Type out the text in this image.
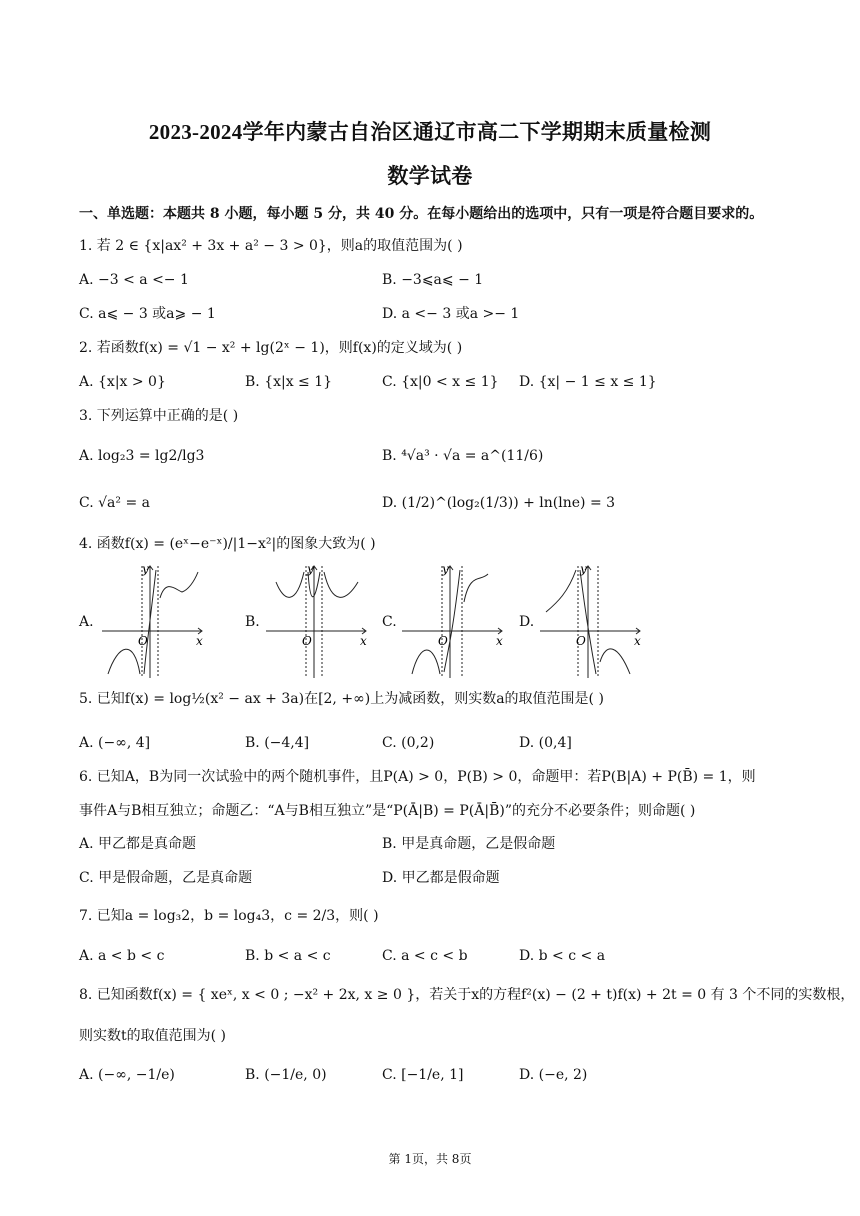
2023-2024学年内蒙古自治区通辽市高二下学期期末质量检测
数学试卷
一、单选题：本题共 8 小题，每小题 5 分，共 40 分。在每小题给出的选项中，只有一项是符合题目要求的。
1. 若 2 ∈ {x|ax² + 3x + a² − 3 > 0}，则a的取值范围为( )
A. −3 < a <− 1	B. −3⩽a⩽ − 1
C. a⩽ − 3 或a⩾ − 1	D. a <− 3 或a >− 1
2. 若函数f(x) = √1 − x² + lg(2ˣ − 1)，则f(x)的定义域为( )
A. {x|x > 0}	B. {x|x ≤ 1}	C. {x|0 < x ≤ 1} D. {x| − 1 ≤ x ≤ 1}
3. 下列运算中正确的是( )
A. log₂3 = lg2/lg3	B. ⁴√a³ · √a = a^(11/6)
C. √a² = a	D. (1/2)^(log₂(1/3)) + ln(lne) = 3
4. 函数f(x) = (eˣ−e⁻ˣ)/|1−x²|的图象大致为( )
A.	B.	C.	D.
y
O	x
y
O	x
y
O	x
y
O	x
5. 已知f(x) = log½(x² − ax + 3a)在[2, +∞)上为减函数，则实数a的取值范围是( )
A. (−∞, 4]	B. (−4,4]	C. (0,2)	D. (0,4]
6. 已知A，B为同一次试验中的两个随机事件，且P(A) > 0，P(B) > 0，命题甲：若P(B|A) + P(B̄) = 1，则
事件A与B相互独立；命题乙：“A与B相互独立”是“P(Ā|B) = P(Ā|B̄)”的充分不必要条件；则命题( )
A. 甲乙都是真命题	B. 甲是真命题，乙是假命题
C. 甲是假命题，乙是真命题	D. 甲乙都是假命题
7. 已知a = log₃2，b = log₄3，c = 2/3，则( )
A. a < b < c	B. b < a < c	C. a < c < b	D. b < c < a
8. 已知函数f(x) = { xeˣ, x < 0 ; −x² + 2x, x ≥ 0 }，若关于x的方程f²(x) − (2 + t)f(x) + 2t = 0 有 3 个不同的实数根，
则实数t的取值范围为( )
A. (−∞, −1/e)	B. (−1/e, 0)	C. [−1/e, 1]	D. (−e, 2)
第 1页，共 8页
